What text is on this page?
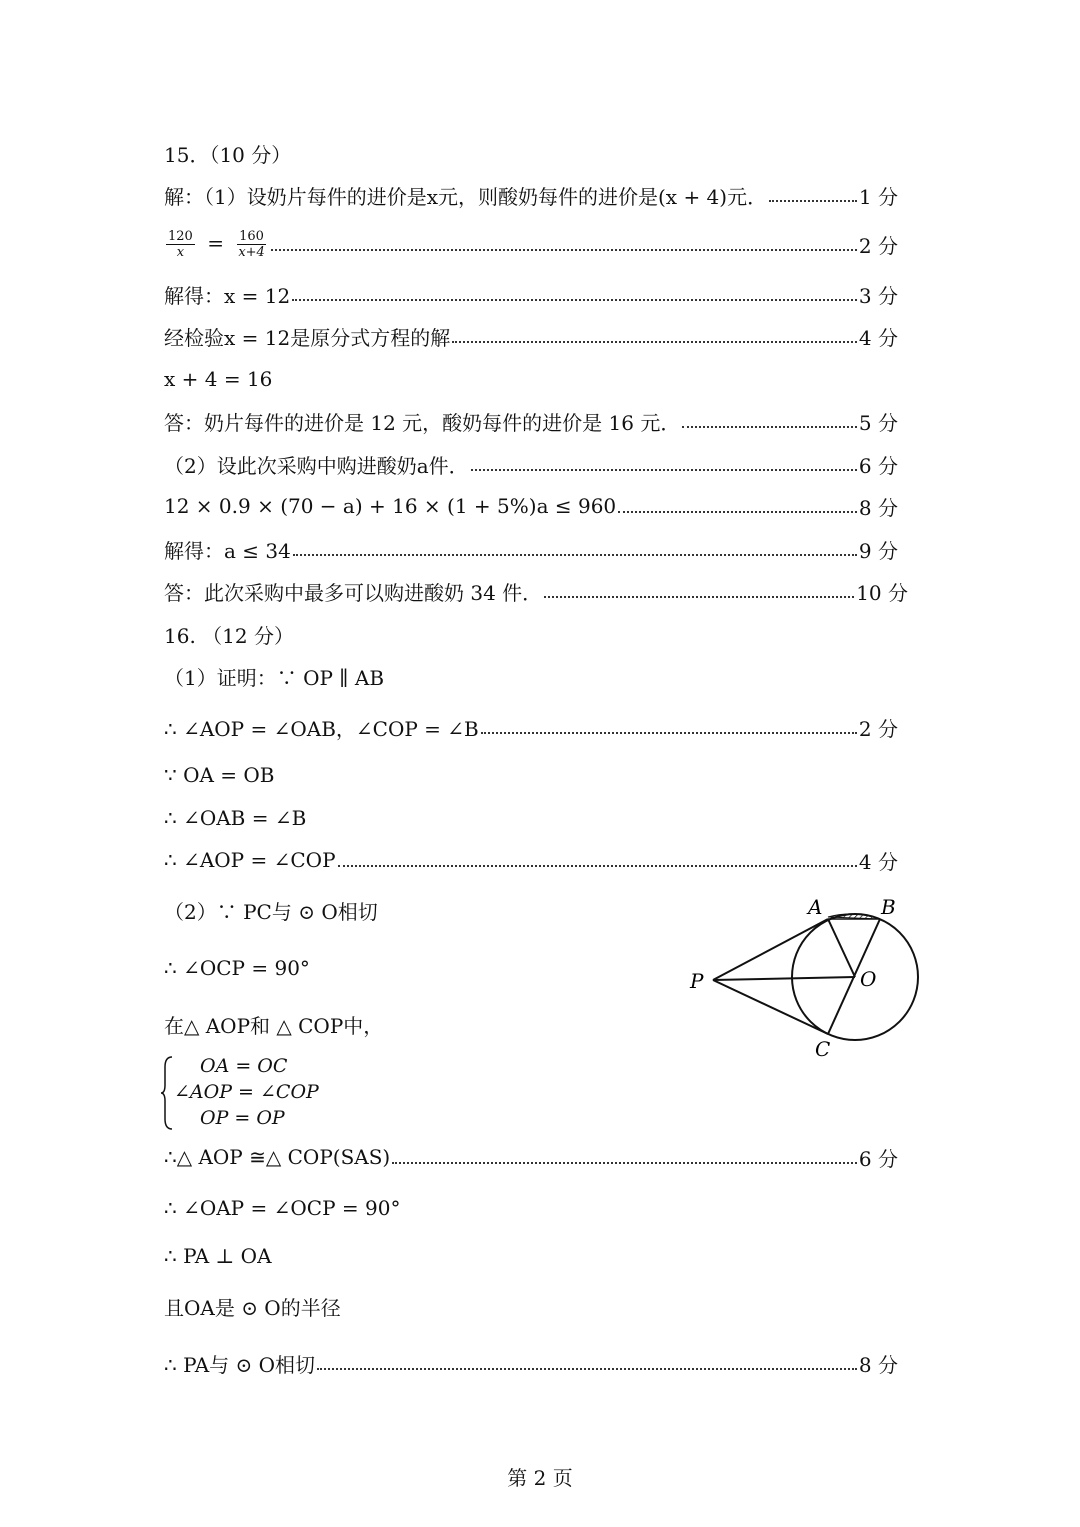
15．（10 分）
解：（1）设奶片每件的进价是x元，则酸奶每件的进价是(x + 4)元．	1 分
$\frac{120}{x} = \frac{160}{x+4}$	2 分
解得：x = 12	3 分
经检验x = 12是原分式方程的解	4 分
x + 4 = 16
答：奶片每件的进价是 12 元，酸奶每件的进价是 16 元．	5 分
（2）设此次采购中购进酸奶a件．	6 分
12 × 0.9 × (70 − a) + 16 × (1 + 5%)a ≤ 960	8 分
解得：a ≤ 34	9 分
答：此次采购中最多可以购进酸奶 34 件．	10 分
16. （12 分）
（1）证明：∵ OP ∥ AB
∴ ∠AOP = ∠OAB，∠COP = ∠B	2 分
∵ OA = OB
∴ ∠OAB = ∠B
∴ ∠AOP = ∠COP	4 分
（2）∵ PC与 ⊙ O相切
∴ ∠OCP = 90°
在△ AOP和 △ COP中，
OA = OC
∠AOP = ∠COP
OP = OP
∴△ AOP ≅△ COP(SAS)	6 分
∴ ∠OAP = ∠OCP = 90°
∴ PA ⊥ OA
且OA是 ⊙ O的半径
∴ PA与 ⊙ O相切	8 分
A	B
P	O
C
第 2 页
